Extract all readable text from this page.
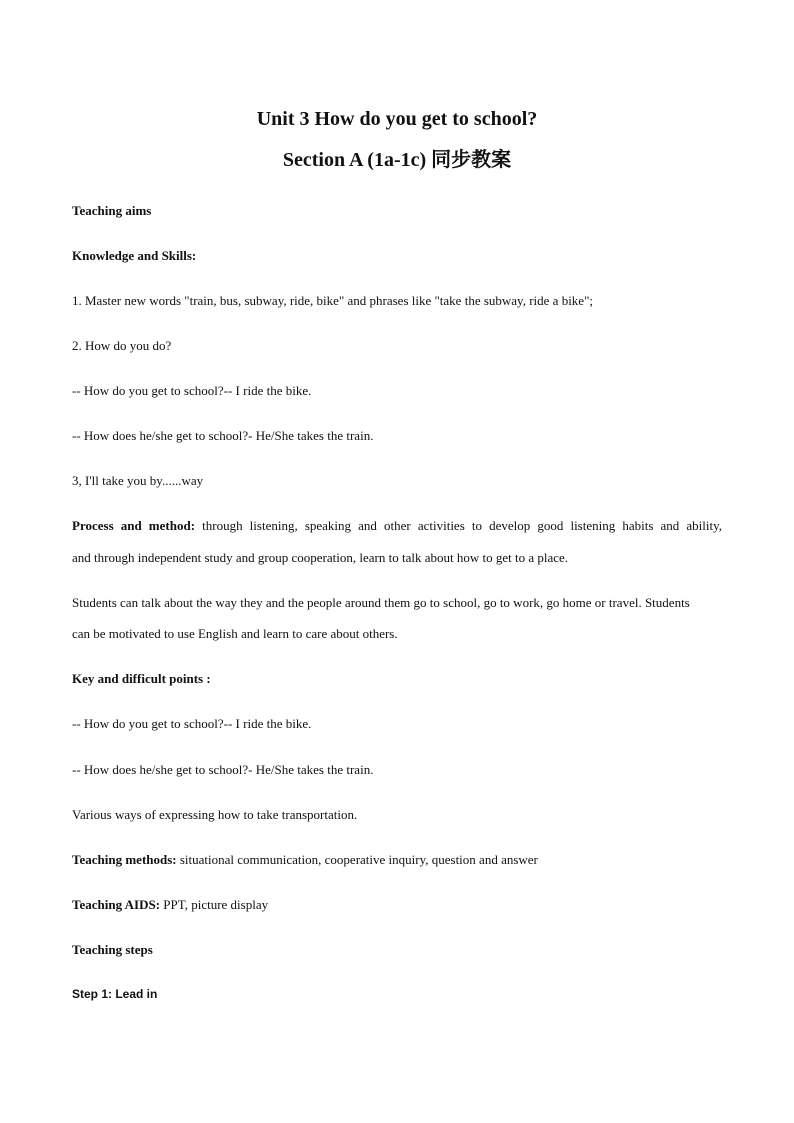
Unit 3 How do you get to school?
Section A (1a-1c) 同步教案
Teaching aims
Knowledge and Skills:
1. Master new words "train, bus, subway, ride, bike" and phrases like "take the subway, ride a bike";
2. How do you do?
-- How do you get to school?-- I ride the bike.
-- How does he/she get to school?- He/She takes the train.
3, I'll take you by......way
Process and method: through listening, speaking and other activities to develop good listening habits and ability,
and through independent study and group cooperation, learn to talk about how to get to a place.
Students can talk about the way they and the people around them go to school, go to work, go home or travel. Students
can be motivated to use English and learn to care about others.
Key and difficult points :
-- How do you get to school?-- I ride the bike.
-- How does he/she get to school?- He/She takes the train.
Various ways of expressing how to take transportation.
Teaching methods: situational communication, cooperative inquiry, question and answer
Teaching AIDS: PPT, picture display
Teaching steps
Step 1: Lead in
